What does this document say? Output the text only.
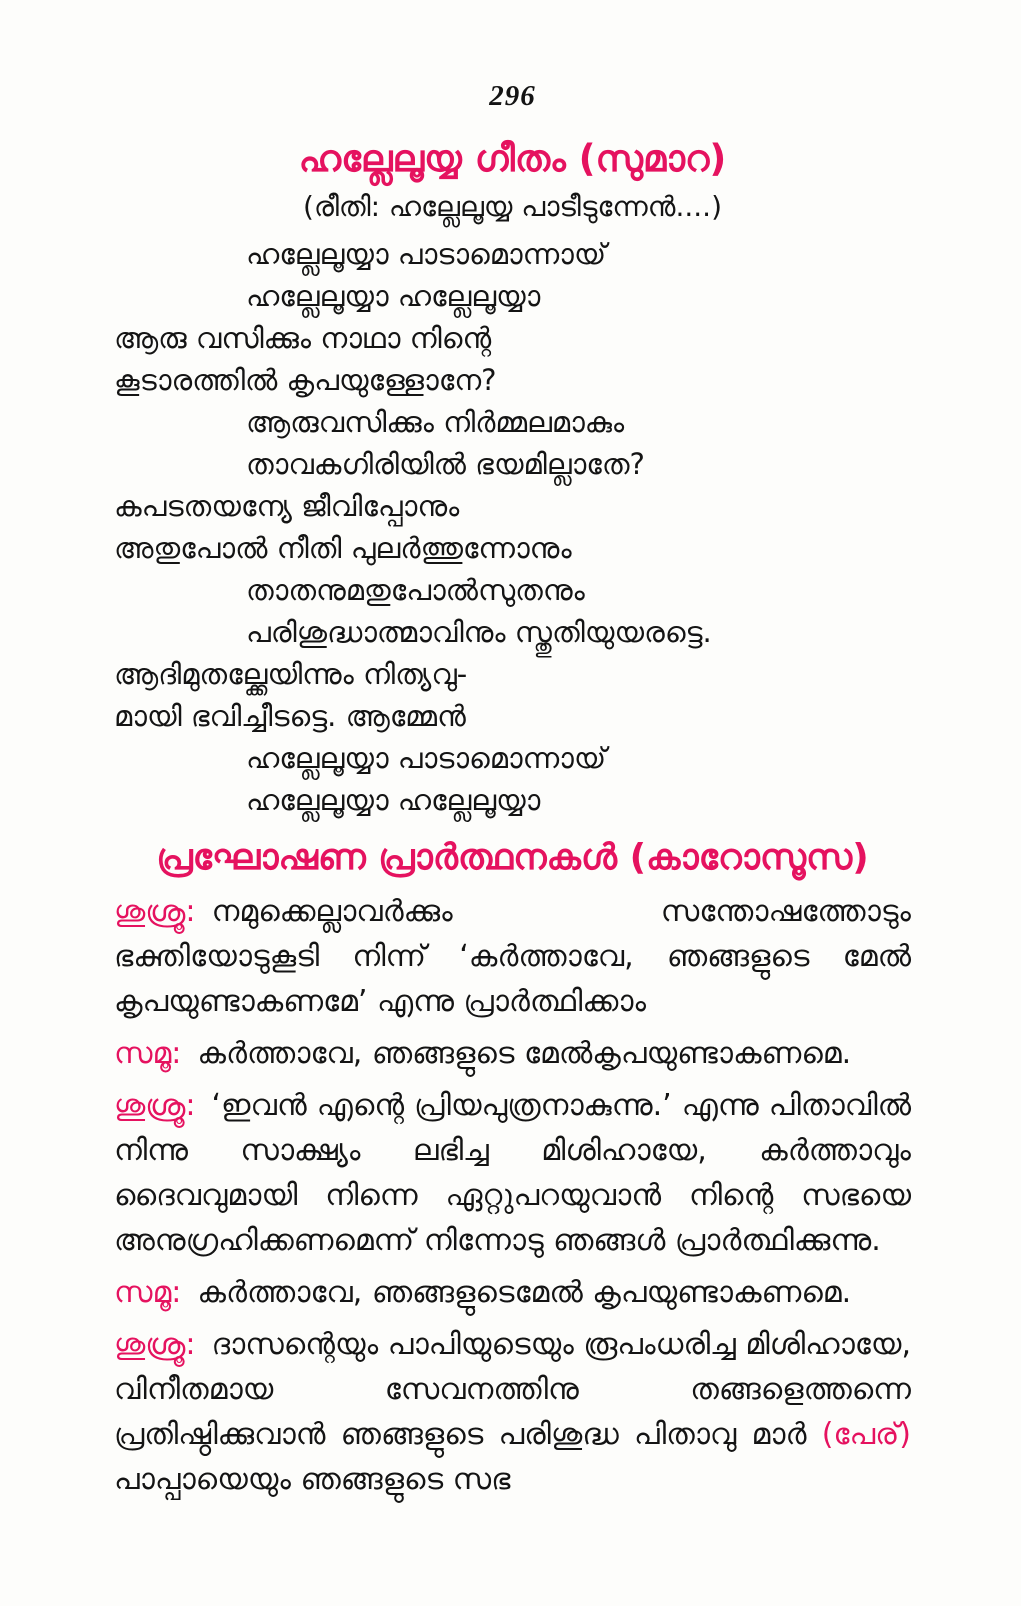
296
ഹല്ലേലൂയ്യ ഗീതം (സുമാറ)
(രീതി: ഹല്ലേലൂയ്യ പാടീടുന്നേൻ....)
ഹല്ലേലൂയ്യാ പാടാമൊന്നായ്
ഹല്ലേലൂയ്യാ ഹല്ലേലൂയ്യാ
ആരു വസിക്കും നാഥാ നിന്റെ
കൂടാരത്തിൽ കൃപയുള്ളോനേ?
ആരുവസിക്കും നിർമ്മലമാകും
താവകഗിരിയിൽ ഭയമില്ലാതേ?
കപടതയന്യേ ജീവിപ്പോനും
അതുപോൽ നീതി പുലർത്തുന്നോനും
താതനുമതുപോൽസുതനും
പരിശുദ്ധാത്മാവിനും സ്തുതിയുയരട്ടെ.
ആദിമുതല്ക്കേയിന്നും നിത്യവു-
മായി ഭവിച്ചീടട്ടെ. ആമ്മേൻ
ഹല്ലേലൂയ്യാ പാടാമൊന്നായ്
ഹല്ലേലൂയ്യാ ഹല്ലേലൂയ്യാ
പ്രഘോഷണ പ്രാർത്ഥനകൾ (കാറോസൂസ)

ശുശ്രൂ: നമുക്കെല്ലാവർക്കും സന്തോഷത്തോടും ഭക്തിയോടുകൂടി നിന്ന് ‘കർത്താവേ, ഞങ്ങളുടെ മേൽ കൃപയുണ്ടാകണമേ’ എന്നു പ്രാർത്ഥിക്കാം

സമൂ: കർത്താവേ, ഞങ്ങളുടെ മേൽകൃപയുണ്ടാകണമെ.

ശുശ്രൂ: ‘ഇവൻ എന്റെ പ്രിയപുത്രനാകുന്നു.’ എന്നു പിതാവിൽ നിന്നു സാക്ഷ്യം ലഭിച്ച മിശിഹായേ, കർത്താവും ദൈവവുമായി നിന്നെ ഏറ്റുപറയുവാൻ നിന്റെ സഭയെ അനുഗ്രഹിക്കണമെന്ന് നിന്നോടു ഞങ്ങൾ പ്രാർത്ഥിക്കുന്നു.

സമൂ: കർത്താവേ, ഞങ്ങളുടെമേൽ കൃപയുണ്ടാകണമെ.

ശുശ്രൂ: ദാസന്റെയും പാപിയുടെയും രൂപംധരിച്ച മിശിഹായേ, വിനീതമായ സേവനത്തിനു തങ്ങളെത്തന്നെ പ്രതിഷ്ഠിക്കുവാൻ ഞങ്ങളുടെ പരിശുദ്ധ പിതാവു മാർ (പേര്) പാപ്പായെയും ഞങ്ങളുടെ സഭ
